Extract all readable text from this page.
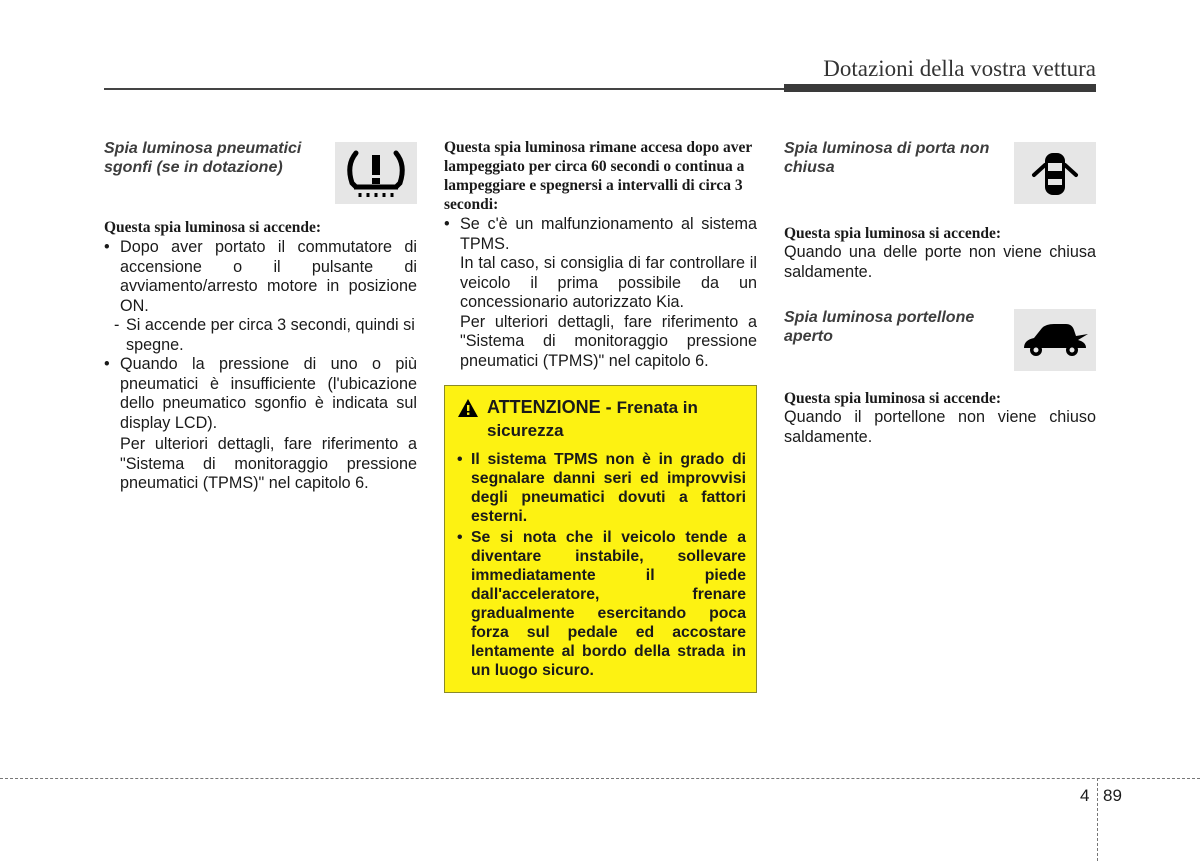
Dotazioni della vostra vettura
Spia luminosa pneumatici sgonfi (se in dotazione)
Questa spia luminosa si accende:
• Dopo aver portato il commutatore di accensione o il pulsante di avviamento/arresto motore in posizione ON.
- Si accende per circa 3 secondi, quindi si spegne.
• Quando la pressione di uno o più pneumatici è insufficiente (l'ubicazione dello pneumatico sgonfio è indicata sul display LCD).
Per ulteriori dettagli, fare riferimento a "Sistema di monitoraggio pressione pneumatici (TPMS)" nel capitolo 6.
Questa spia luminosa rimane accesa dopo aver lampeggiato per circa 60 secondi o continua a lampeggiare e spegnersi a intervalli di circa 3 secondi:
• Se c'è un malfunzionamento al sistema TPMS.
In tal caso, si consiglia di far controllare il veicolo il prima possibile da un concessionario autorizzato Kia.
Per ulteriori dettagli, fare riferimento a "Sistema di monitoraggio pressione pneumatici (TPMS)" nel capitolo 6.
ATTENZIONE - Frenata in sicurezza
• Il sistema TPMS non è in grado di segnalare danni seri ed improvvisi degli pneumatici dovuti a fattori esterni.
• Se si nota che il veicolo tende a diventare instabile, sollevare immediatamente il piede dall'acceleratore, frenare gradualmente esercitando poca forza sul pedale ed accostare lentamente al bordo della strada in un luogo sicuro.
Spia luminosa di porta non chiusa
Questa spia luminosa si accende:
Quando una delle porte non viene chiusa saldamente.
Spia luminosa portellone aperto
Questa spia luminosa si accende:
Quando il portellone non viene chiuso saldamente.
4 89
